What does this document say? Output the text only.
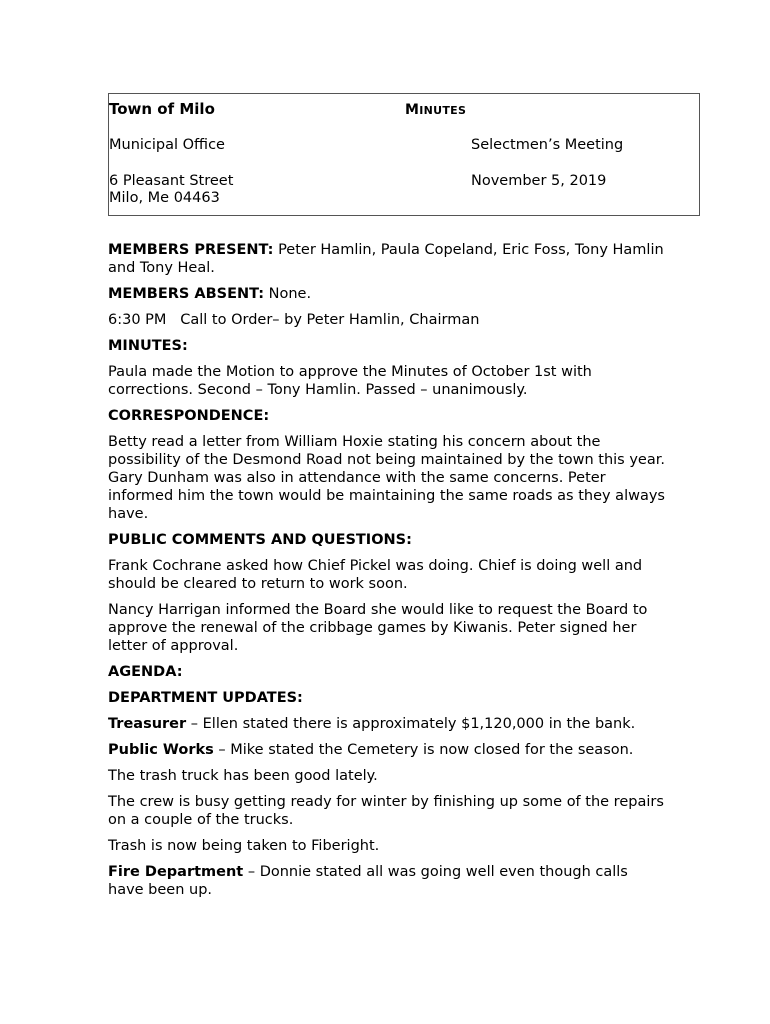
Town of Milo	MINUTES
Municipal Office	Selectmen’s Meeting
6 Pleasant Street	November 5, 2019
Milo, Me 04463

MEMBERS PRESENT: Peter Hamlin, Paula Copeland, Eric Foss, Tony Hamlin and Tony Heal.

MEMBERS ABSENT: None.

6:30 PM   Call to Order– by Peter Hamlin, Chairman

MINUTES:

Paula made the Motion to approve the Minutes of October 1st with corrections. Second – Tony Hamlin. Passed – unanimously.

CORRESPONDENCE:

Betty read a letter from William Hoxie stating his concern about the possibility of the Desmond Road not being maintained by the town this year. Gary Dunham was also in attendance with the same concerns. Peter informed him the town would be maintaining the same roads as they always have.

PUBLIC COMMENTS AND QUESTIONS:

Frank Cochrane asked how Chief Pickel was doing. Chief is doing well and should be cleared to return to work soon.

Nancy Harrigan informed the Board she would like to request the Board to approve the renewal of the cribbage games by Kiwanis. Peter signed her letter of approval.

AGENDA:

DEPARTMENT UPDATES:

Treasurer – Ellen stated there is approximately $1,120,000 in the bank.

Public Works – Mike stated the Cemetery is now closed for the season.

The trash truck has been good lately.

The crew is busy getting ready for winter by finishing up some of the repairs on a couple of the trucks.

Trash is now being taken to Fiberight.

Fire Department – Donnie stated all was going well even though calls have been up.
